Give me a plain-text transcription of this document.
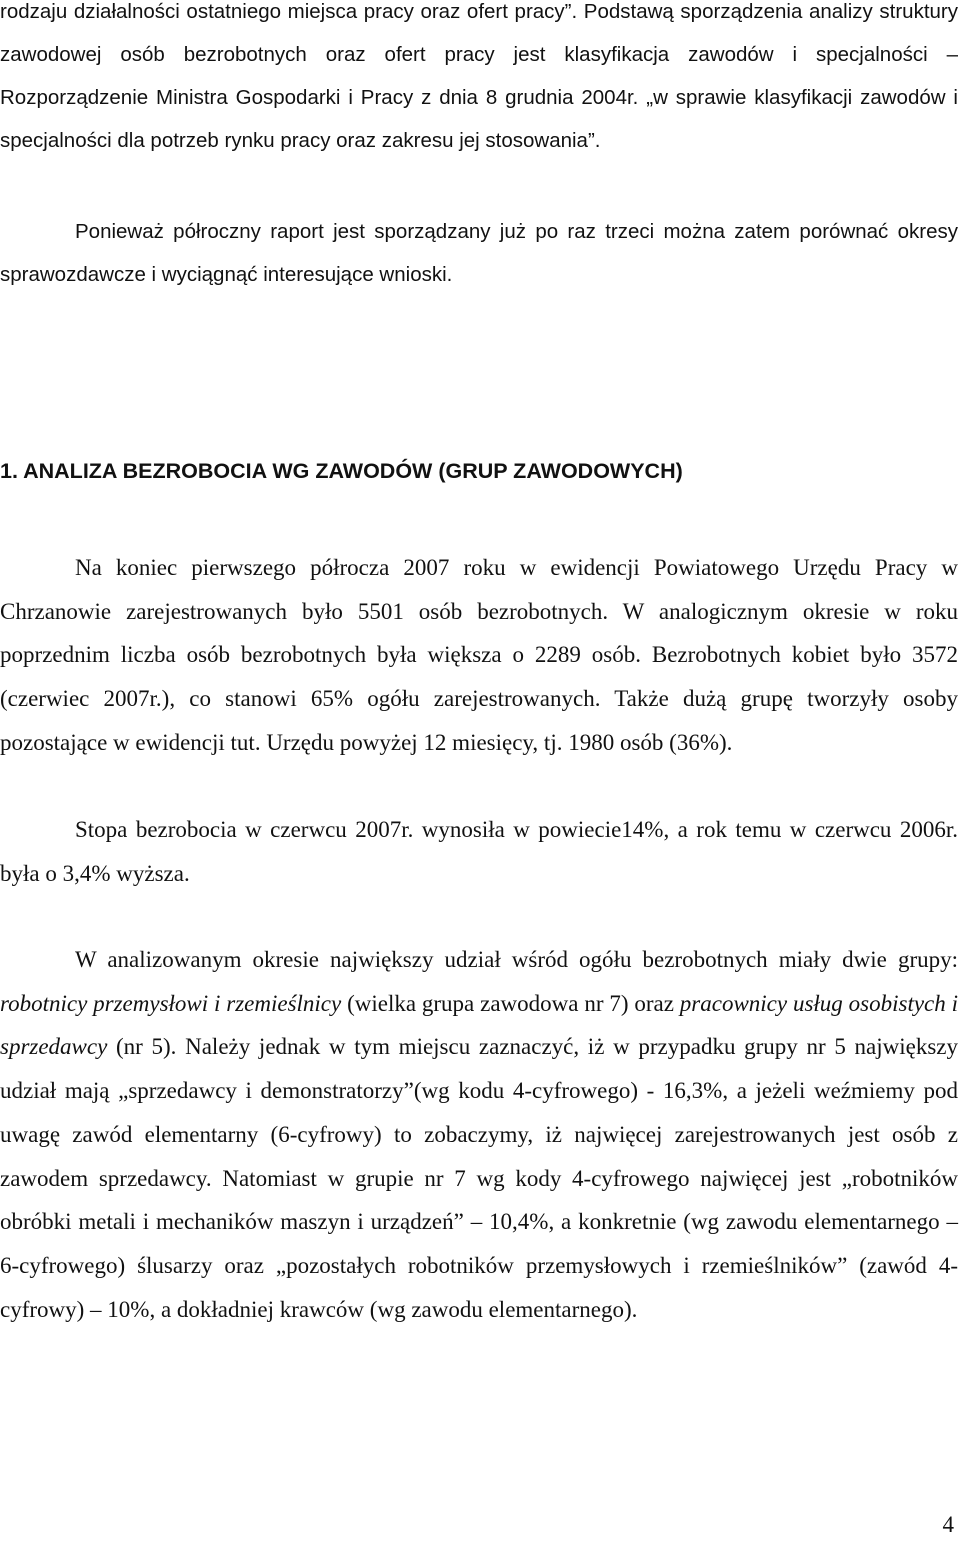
rodzaju działalności ostatniego miejsca pracy oraz ofert pracy”. Podstawą sporządzenia analizy struktury zawodowej osób bezrobotnych oraz ofert pracy jest klasyfikacja zawodów i specjalności – Rozporządzenie Ministra Gospodarki i Pracy z dnia 8 grudnia 2004r. „w sprawie klasyfikacji zawodów i specjalności dla potrzeb rynku pracy oraz zakresu jej stosowania”.

Ponieważ półroczny raport jest sporządzany już po raz trzeci można zatem porównać okresy sprawozdawcze i wyciągnąć interesujące wnioski.

1. ANALIZA BEZROBOCIA WG ZAWODÓW (GRUP ZAWODOWYCH)

Na koniec pierwszego półrocza 2007 roku w ewidencji Powiatowego Urzędu Pracy w Chrzanowie zarejestrowanych było 5501 osób bezrobotnych. W analogicznym okresie w roku poprzednim liczba osób bezrobotnych była większa o 2289 osób. Bezrobotnych kobiet było 3572 (czerwiec 2007r.), co stanowi 65% ogółu zarejestrowanych. Także dużą grupę tworzyły osoby pozostające w ewidencji tut. Urzędu powyżej 12 miesięcy, tj. 1980 osób (36%).

Stopa bezrobocia w czerwcu 2007r. wynosiła w powiecie14%, a rok temu w czerwcu 2006r. była o 3,4% wyższa.

W analizowanym okresie największy udział wśród ogółu bezrobotnych miały dwie grupy: robotnicy przemysłowi i rzemieślnicy (wielka grupa zawodowa nr 7) oraz pracownicy usług osobistych i sprzedawcy (nr 5). Należy jednak w tym miejscu zaznaczyć, iż w przypadku grupy nr 5 największy udział mają „sprzedawcy i demonstratorzy”(wg kodu 4-cyfrowego) - 16,3%, a jeżeli weźmiemy pod uwagę zawód elementarny (6-cyfrowy) to zobaczymy, iż najwięcej zarejestrowanych jest osób z zawodem sprzedawcy. Natomiast w grupie nr 7 wg kody 4-cyfrowego najwięcej jest „robotników obróbki metali i mechaników maszyn i urządzeń” – 10,4%, a konkretnie (wg zawodu elementarnego – 6-cyfrowego) ślusarzy oraz „pozostałych robotników przemysłowych i rzemieślników” (zawód 4-cyfrowy) – 10%, a dokładniej krawców (wg zawodu elementarnego).

4
